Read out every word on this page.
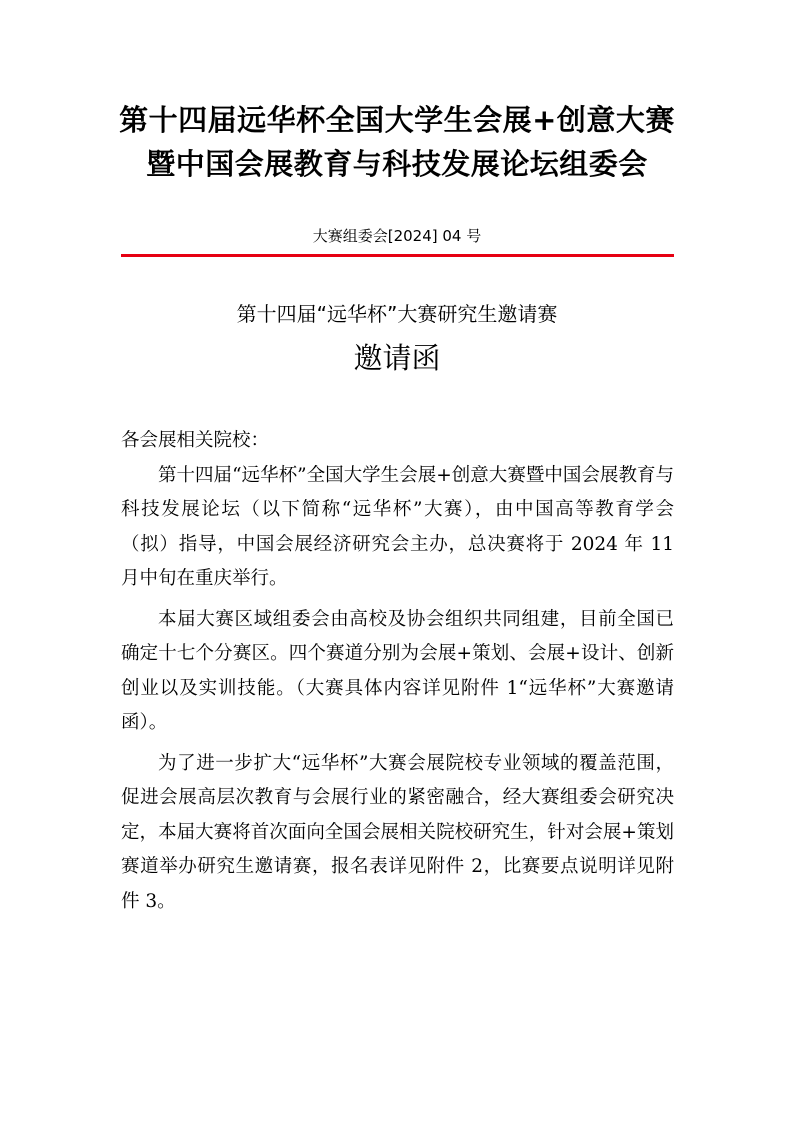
第十四届远华杯全国大学生会展+创意大赛
暨中国会展教育与科技发展论坛组委会
大赛组委会[2024] 04 号
第十四届“远华杯”大赛研究生邀请赛
邀请函

各会展相关院校：

第十四届“远华杯”全国大学生会展+创意大赛暨中国会展教育与科技发展论坛（以下简称“远华杯”大赛），由中国高等教育学会（拟）指导，中国会展经济研究会主办，总决赛将于 2024 年 11 月中旬在重庆举行。

本届大赛区域组委会由高校及协会组织共同组建，目前全国已确定十七个分赛区。四个赛道分别为会展+策划、会展+设计、创新创业以及实训技能。（大赛具体内容详见附件 1“远华杯”大赛邀请函）。

为了进一步扩大“远华杯”大赛会展院校专业领域的覆盖范围，促进会展高层次教育与会展行业的紧密融合，经大赛组委会研究决定，本届大赛将首次面向全国会展相关院校研究生，针对会展+策划赛道举办研究生邀请赛，报名表详见附件 2，比赛要点说明详见附件 3。
